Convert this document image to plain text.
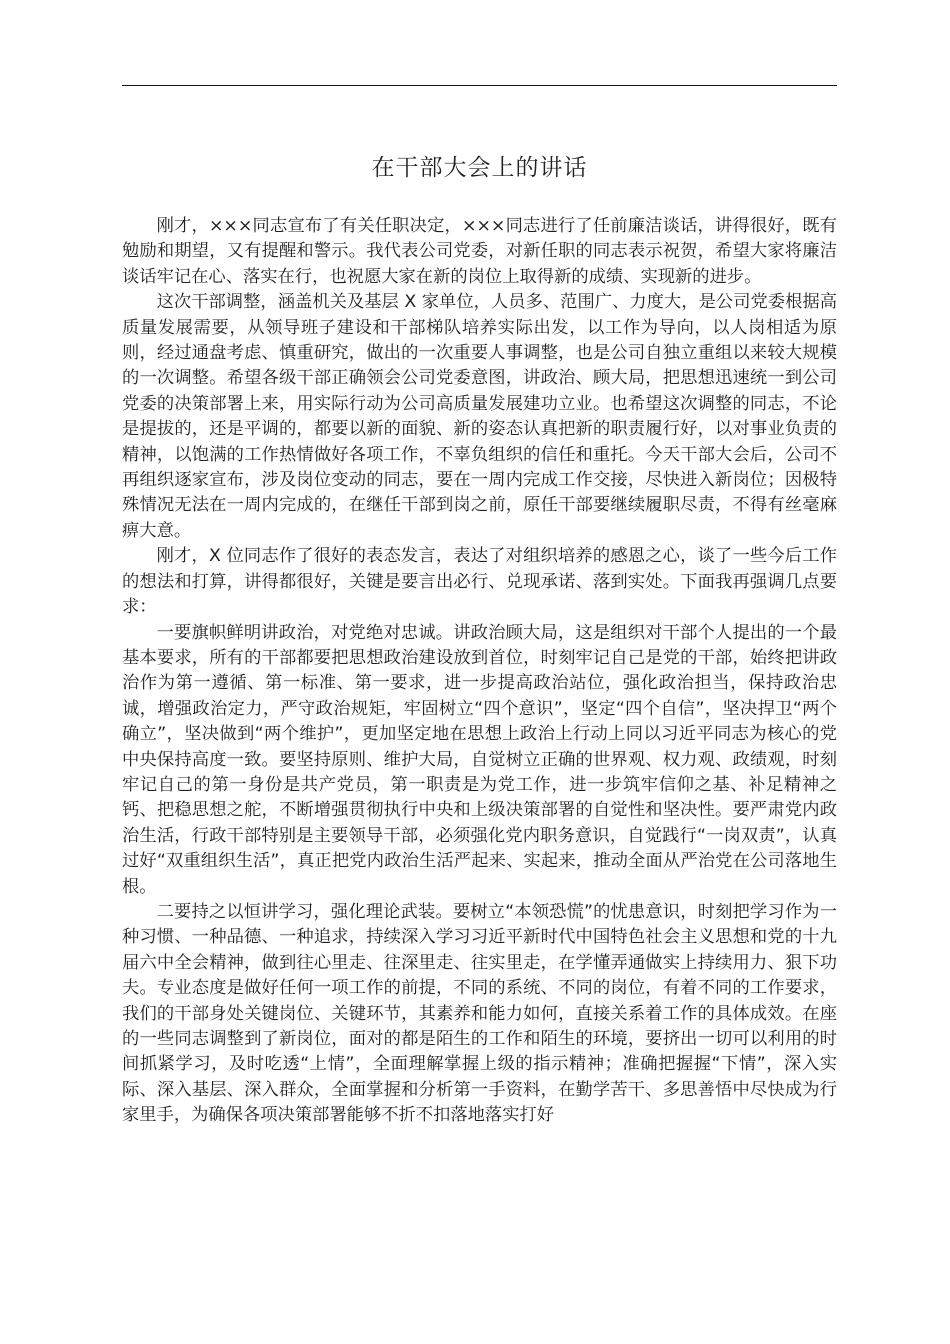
在干部大会上的讲话

刚才，×××同志宣布了有关任职决定，×××同志进行了任前廉洁谈话，讲得很好，既有勉励和期望，又有提醒和警示。我代表公司党委，对新任职的同志表示祝贺，希望大家将廉洁谈话牢记在心、落实在行，也祝愿大家在新的岗位上取得新的成绩、实现新的进步。

这次干部调整，涵盖机关及基层 X 家单位，人员多、范围广、力度大，是公司党委根据高质量发展需要，从领导班子建设和干部梯队培养实际出发，以工作为导向，以人岗相适为原则，经过通盘考虑、慎重研究，做出的一次重要人事调整，也是公司自独立重组以来较大规模的一次调整。希望各级干部正确领会公司党委意图，讲政治、顾大局，把思想迅速统一到公司党委的决策部署上来，用实际行动为公司高质量发展建功立业。也希望这次调整的同志，不论是提拔的，还是平调的，都要以新的面貌、新的姿态认真把新的职责履行好，以对事业负责的精神，以饱满的工作热情做好各项工作，不辜负组织的信任和重托。今天干部大会后，公司不再组织逐家宣布，涉及岗位变动的同志，要在一周内完成工作交接，尽快进入新岗位；因极特殊情况无法在一周内完成的，在继任干部到岗之前，原任干部要继续履职尽责，不得有丝毫麻痹大意。

刚才，X 位同志作了很好的表态发言，表达了对组织培养的感恩之心，谈了一些今后工作的想法和打算，讲得都很好，关键是要言出必行、兑现承诺、落到实处。下面我再强调几点要求：

一要旗帜鲜明讲政治，对党绝对忠诚。讲政治顾大局，这是组织对干部个人提出的一个最基本要求，所有的干部都要把思想政治建设放到首位，时刻牢记自己是党的干部，始终把讲政治作为第一遵循、第一标准、第一要求，进一步提高政治站位，强化政治担当，保持政治忠诚，增强政治定力，严守政治规矩，牢固树立“四个意识”，坚定“四个自信”，坚决捍卫“两个确立”，坚决做到“两个维护”，更加坚定地在思想上政治上行动上同以习近平同志为核心的党中央保持高度一致。要坚持原则、维护大局，自觉树立正确的世界观、权力观、政绩观，时刻牢记自己的第一身份是共产党员，第一职责是为党工作，进一步筑牢信仰之基、补足精神之钙、把稳思想之舵，不断增强贯彻执行中央和上级决策部署的自觉性和坚决性。要严肃党内政治生活，行政干部特别是主要领导干部，必须强化党内职务意识，自觉践行“一岗双责”，认真过好“双重组织生活”，真正把党内政治生活严起来、实起来，推动全面从严治党在公司落地生根。

二要持之以恒讲学习，强化理论武装。要树立“本领恐慌”的忧患意识，时刻把学习作为一种习惯、一种品德、一种追求，持续深入学习习近平新时代中国特色社会主义思想和党的十九届六中全会精神，做到往心里走、往深里走、往实里走，在学懂弄通做实上持续用力、狠下功夫。专业态度是做好任何一项工作的前提，不同的系统、不同的岗位，有着不同的工作要求，我们的干部身处关键岗位、关键环节，其素养和能力如何，直接关系着工作的具体成效。在座的一些同志调整到了新岗位，面对的都是陌生的工作和陌生的环境，要挤出一切可以利用的时间抓紧学习，及时吃透“上情”，全面理解掌握上级的指示精神；准确把握握“下情”，深入实际、深入基层、深入群众，全面掌握和分析第一手资料，在勤学苦干、多思善悟中尽快成为行家里手，为确保各项决策部署能够不折不扣落地落实打好
